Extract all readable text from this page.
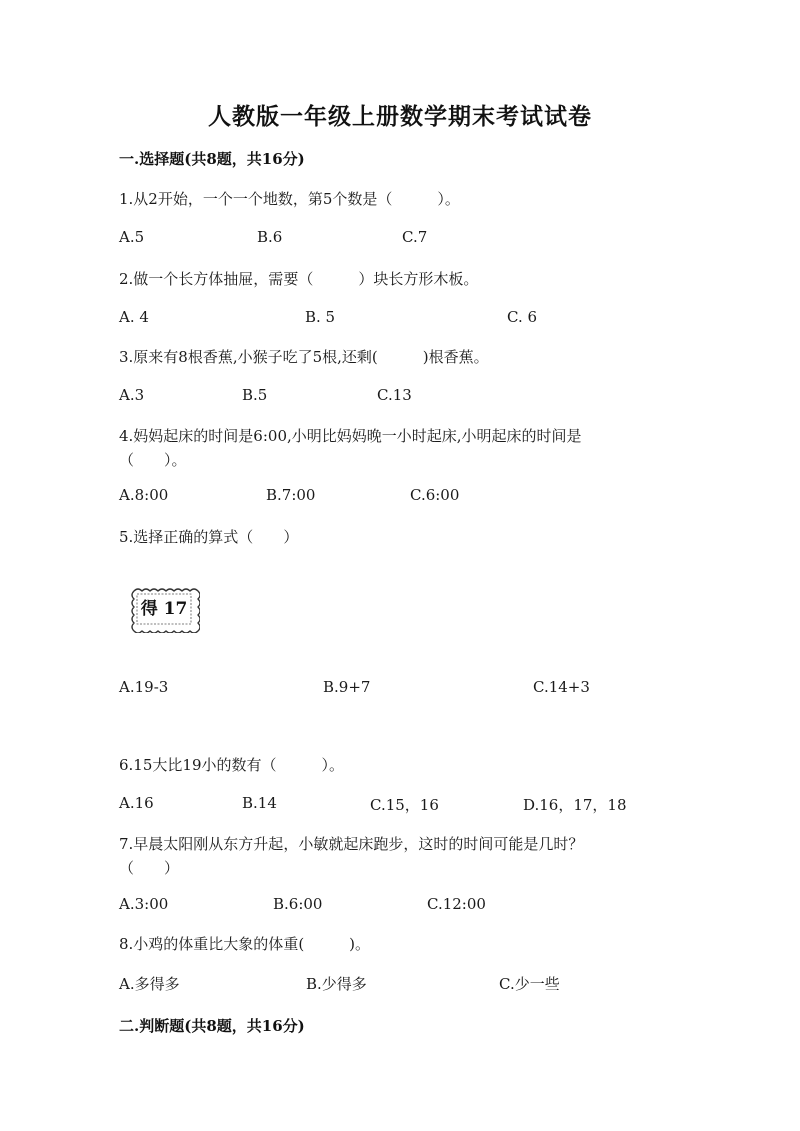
人教版一年级上册数学期末考试试卷
一.选择题(共8题，共16分)
1.从2开始，一个一个地数，第5个数是（　　　）。
A.5	B.6	C.7
2.做一个长方体抽屉，需要（　　　）块长方形木板。
A. 4	B. 5	C. 6
3.原来有8根香蕉,小猴子吃了5根,还剩(　　　)根香蕉。
A.3	B.5	C.13
4.妈妈起床的时间是6:00,小明比妈妈晚一小时起床,小明起床的时间是（　　）。
A.8:00	B.7:00	C.6:00
5.选择正确的算式（　　）
得 17
A.19-3	B.9+7	C.14+3
6.15大比19小的数有（　　　）。
A.16	B.14	C.15，16	D.16，17，18
7.早晨太阳刚从东方升起，小敏就起床跑步，这时的时间可能是几时？（　　）
A.3:00	B.6:00	C.12:00
8.小鸡的体重比大象的体重(　　　)。
A.多得多	B.少得多	C.少一些
二.判断题(共8题，共16分)
